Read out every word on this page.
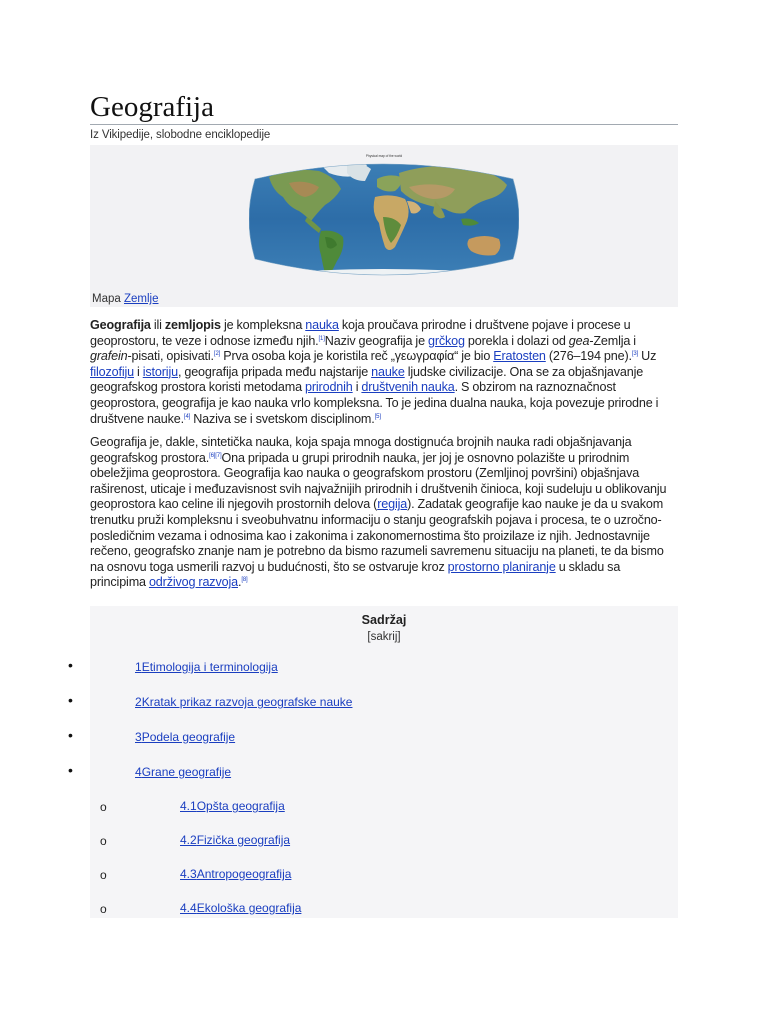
Geografija
Iz Vikipedije, slobodne enciklopedije
Physical map of the world
Mapa Zemlje
Geografija ili zemljopis je kompleksna nauka koja proučava prirodne i društvene pojave i procese u geoprostoru, te veze i odnose između njih.[1]Naziv geografija je grčkog porekla i dolazi od gea-Zemlja i grafein-pisati, opisivati.[2] Prva osoba koja je koristila reč „γεωγραφία“ je bio Eratosten (276–194 pne).[3] Uz filozofiju i istoriju, geografija pripada među najstarije nauke ljudske civilizacije. Ona se za objašnjavanje geografskog prostora koristi metodama prirodnih i društvenih nauka. S obzirom na raznoznačnost geoprostora, geografija je kao nauka vrlo kompleksna. To je jedina dualna nauka, koja povezuje prirodne i društvene nauke.[4] Naziva se i svetskom disciplinom.[5]
Geografija je, dakle, sintetička nauka, koja spaja mnoga dostignuća brojnih nauka radi objašnjavanja geografskog prostora.[6][7]Ona pripada u grupi prirodnih nauka, jer joj je osnovno polazište u prirodnim obeležjima geoprostora. Geografija kao nauka o geografskom prostoru (Zemljinoj površini) objašnjava raširenost, uticaje i međuzavisnost svih najvažnijih prirodnih i društvenih činioca, koji sudeluju u oblikovanju geoprostora kao celine ili njegovih prostornih delova (regija). Zadatak geografije kao nauke je da u svakom trenutku pruži kompleksnu i sveobuhvatnu informaciju o stanju geografskih pojava i procesa, te o uzročno-posledičnim vezama i odnosima kao i zakonima i zakonomernostima što proizilaze iz njih. Jednostavnije rečeno, geografsko znanje nam je potrebno da bismo razumeli savremenu situaciju na planeti, te da bismo na osnovu toga usmerili razvoj u budućnosti, što se ostvaruje kroz prostorno planiranje u skladu sa principima održivog razvoja.[8]
Sadržaj
[sakrij]
•	1Etimologija i terminologija
•	2Kratak prikaz razvoja geografske nauke
•	3Podela geografije
•	4Grane geografije
o	4.1Opšta geografija
o	4.2Fizička geografija
o	4.3Antropogeografija
o	4.4Ekološka geografija
